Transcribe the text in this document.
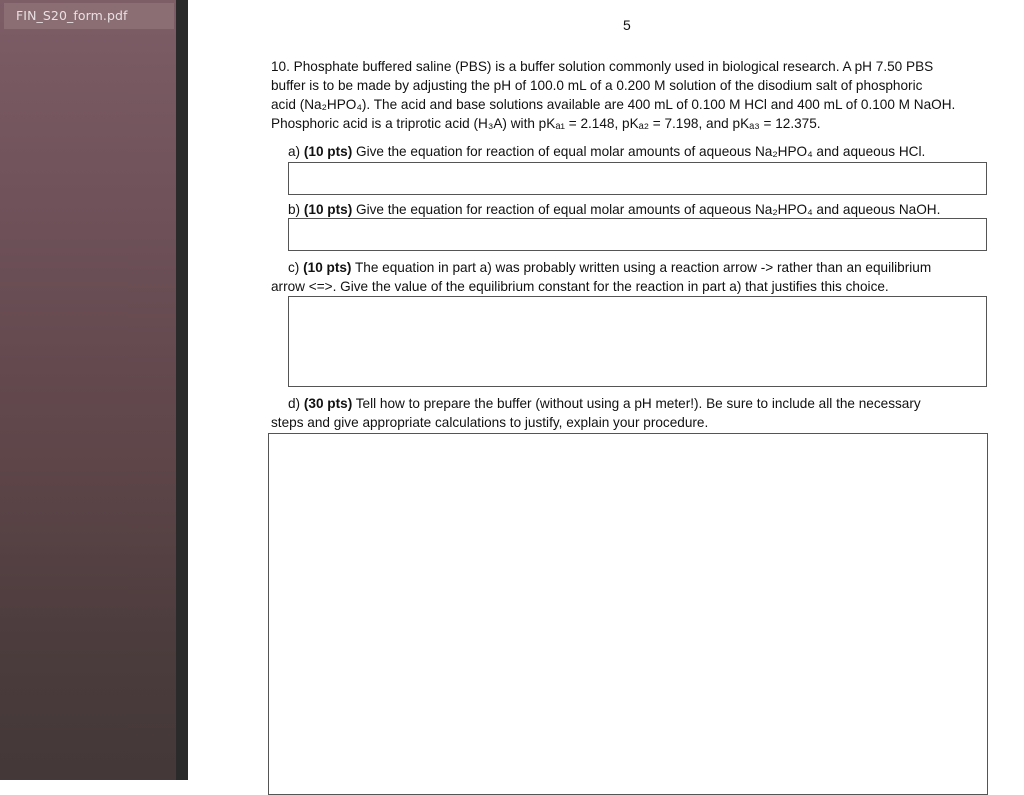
FIN_S20_form.pdf
5
10. Phosphate buffered saline (PBS) is a buffer solution commonly used in biological research. A pH 7.50 PBS
buffer is to be made by adjusting the pH of 100.0 mL of a 0.200 M solution of the disodium salt of phosphoric
acid (Na₂HPO₄). The acid and base solutions available are 400 mL of 0.100 M HCl and 400 mL of 0.100 M NaOH.
Phosphoric acid is a triprotic acid (H₃A) with pKₐ₁ = 2.148, pKₐ₂ = 7.198, and pKₐ₃ = 12.375.
a) (10 pts) Give the equation for reaction of equal molar amounts of aqueous Na₂HPO₄ and aqueous HCl.
b) (10 pts) Give the equation for reaction of equal molar amounts of aqueous Na₂HPO₄ and aqueous NaOH.
c) (10 pts) The equation in part a) was probably written using a reaction arrow -> rather than an equilibrium
arrow <=>. Give the value of the equilibrium constant for the reaction in part a) that justifies this choice.
d) (30 pts) Tell how to prepare the buffer (without using a pH meter!). Be sure to include all the necessary
steps and give appropriate calculations to justify, explain your procedure.
